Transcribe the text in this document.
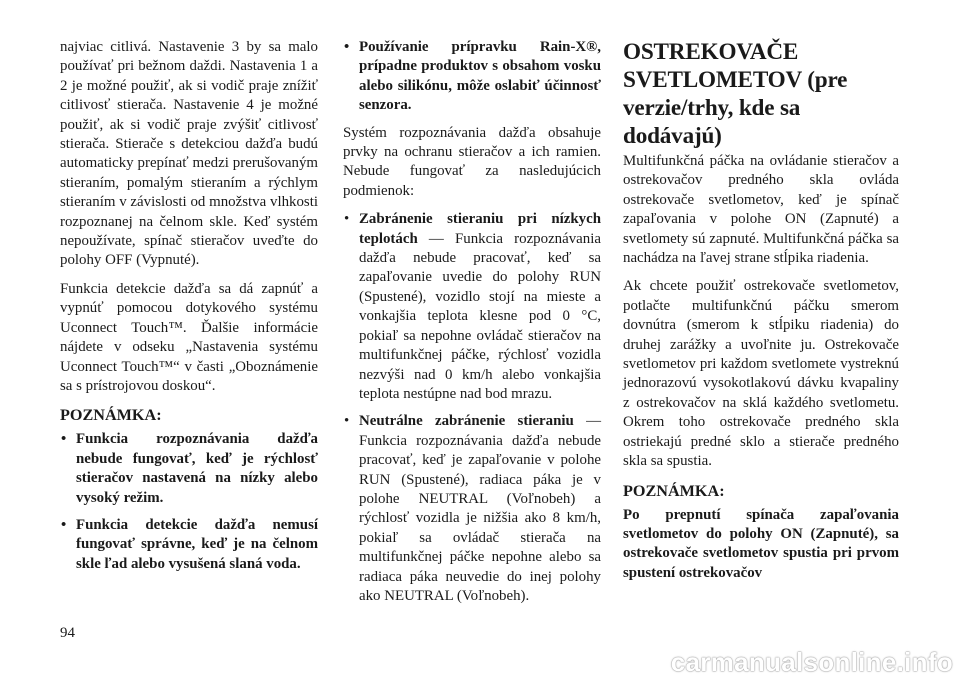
najviac citlivá. Nastavenie 3 by sa malo používať pri bežnom daždi. Nastavenia 1 a 2 je možné použiť, ak si vodič praje znížiť citlivosť stierača. Nastavenie 4 je možné použiť, ak si vodič praje zvýšiť citlivosť stierača. Stierače s detekciou dažďa budú automaticky prepínať medzi prerušovaným stieraním, pomalým stieraním a rýchlym stieraním v závislosti od množstva vlhkosti rozpoznanej na čelnom skle. Keď systém nepoužívate, spínač stieračov uveďte do polohy OFF (Vypnuté).

Funkcia detekcie dažďa sa dá zapnúť a vypnúť pomocou dotykového systému Uconnect Touch™. Ďalšie informácie nájdete v odseku „Nastavenia systému Uconnect Touch™“ v časti „Oboznámenie sa s prístrojovou doskou“.

POZNÁMKA:

• Funkcia rozpoznávania dažďa nebude fungovať, keď je rýchlosť stieračov nastavená na nízky alebo vysoký režim.
• Funkcia detekcie dažďa nemusí fungovať správne, keď je na čelnom skle ľad alebo vysušená slaná voda.
• Používanie prípravku Rain-X®, prípadne produktov s obsahom vosku alebo silikónu, môže oslabiť účinnosť senzora.

Systém rozpoznávania dažďa obsahuje prvky na ochranu stieračov a ich ramien. Nebude fungovať za nasledujúcich podmienok:

• Zabránenie stieraniu pri nízkych teplotách — Funkcia rozpoznávania dažďa nebude pracovať, keď sa zapaľovanie uvedie do polohy RUN (Spustené), vozidlo stojí na mieste a vonkajšia teplota klesne pod 0 °C, pokiaľ sa nepohne ovládač stieračov na multifunkčnej páčke, rýchlosť vozidla nezvýši nad 0 km/h alebo vonkajšia teplota nestúpne nad bod mrazu.
• Neutrálne zabránenie stieraniu — Funkcia rozpoznávania dažďa nebude pracovať, keď je zapaľovanie v polohe RUN (Spustené), radiaca páka je v polohe NEUTRAL (Voľnobeh) a rýchlosť vozidla je nižšia ako 8 km/h, pokiaľ sa ovládač stierača na multifunkčnej páčke nepohne alebo sa radiaca páka neuvedie do inej polohy ako NEUTRAL (Voľnobeh).
OSTREKOVAČE SVETLOMETOV (pre verzie/trhy, kde sa dodávajú)

Multifunkčná páčka na ovládanie stieračov a ostrekovačov predného skla ovláda ostrekovače svetlometov, keď je spínač zapaľovania v polohe ON (Zapnuté) a svetlomety sú zapnuté. Multifunkčná páčka sa nachádza na ľavej strane stĺpika riadenia.

Ak chcete použiť ostrekovače svetlometov, potlačte multifunkčnú páčku smerom dovnútra (smerom k stĺpiku riadenia) do druhej zarážky a uvoľnite ju. Ostrekovače svetlometov pri každom svetlomete vystreknú jednorazovú vysokotlakovú dávku kvapaliny z ostrekovačov na sklá každého svetlometu. Okrem toho ostrekovače predného skla ostriekajú predné sklo a stierače predného skla sa spustia.

POZNÁMKA:

Po prepnutí spínača zapaľovania svetlometov do polohy ON (Zapnuté), sa ostrekovače svetlometov spustia pri prvom spustení ostrekovačov

94
carmanualsonline.info
